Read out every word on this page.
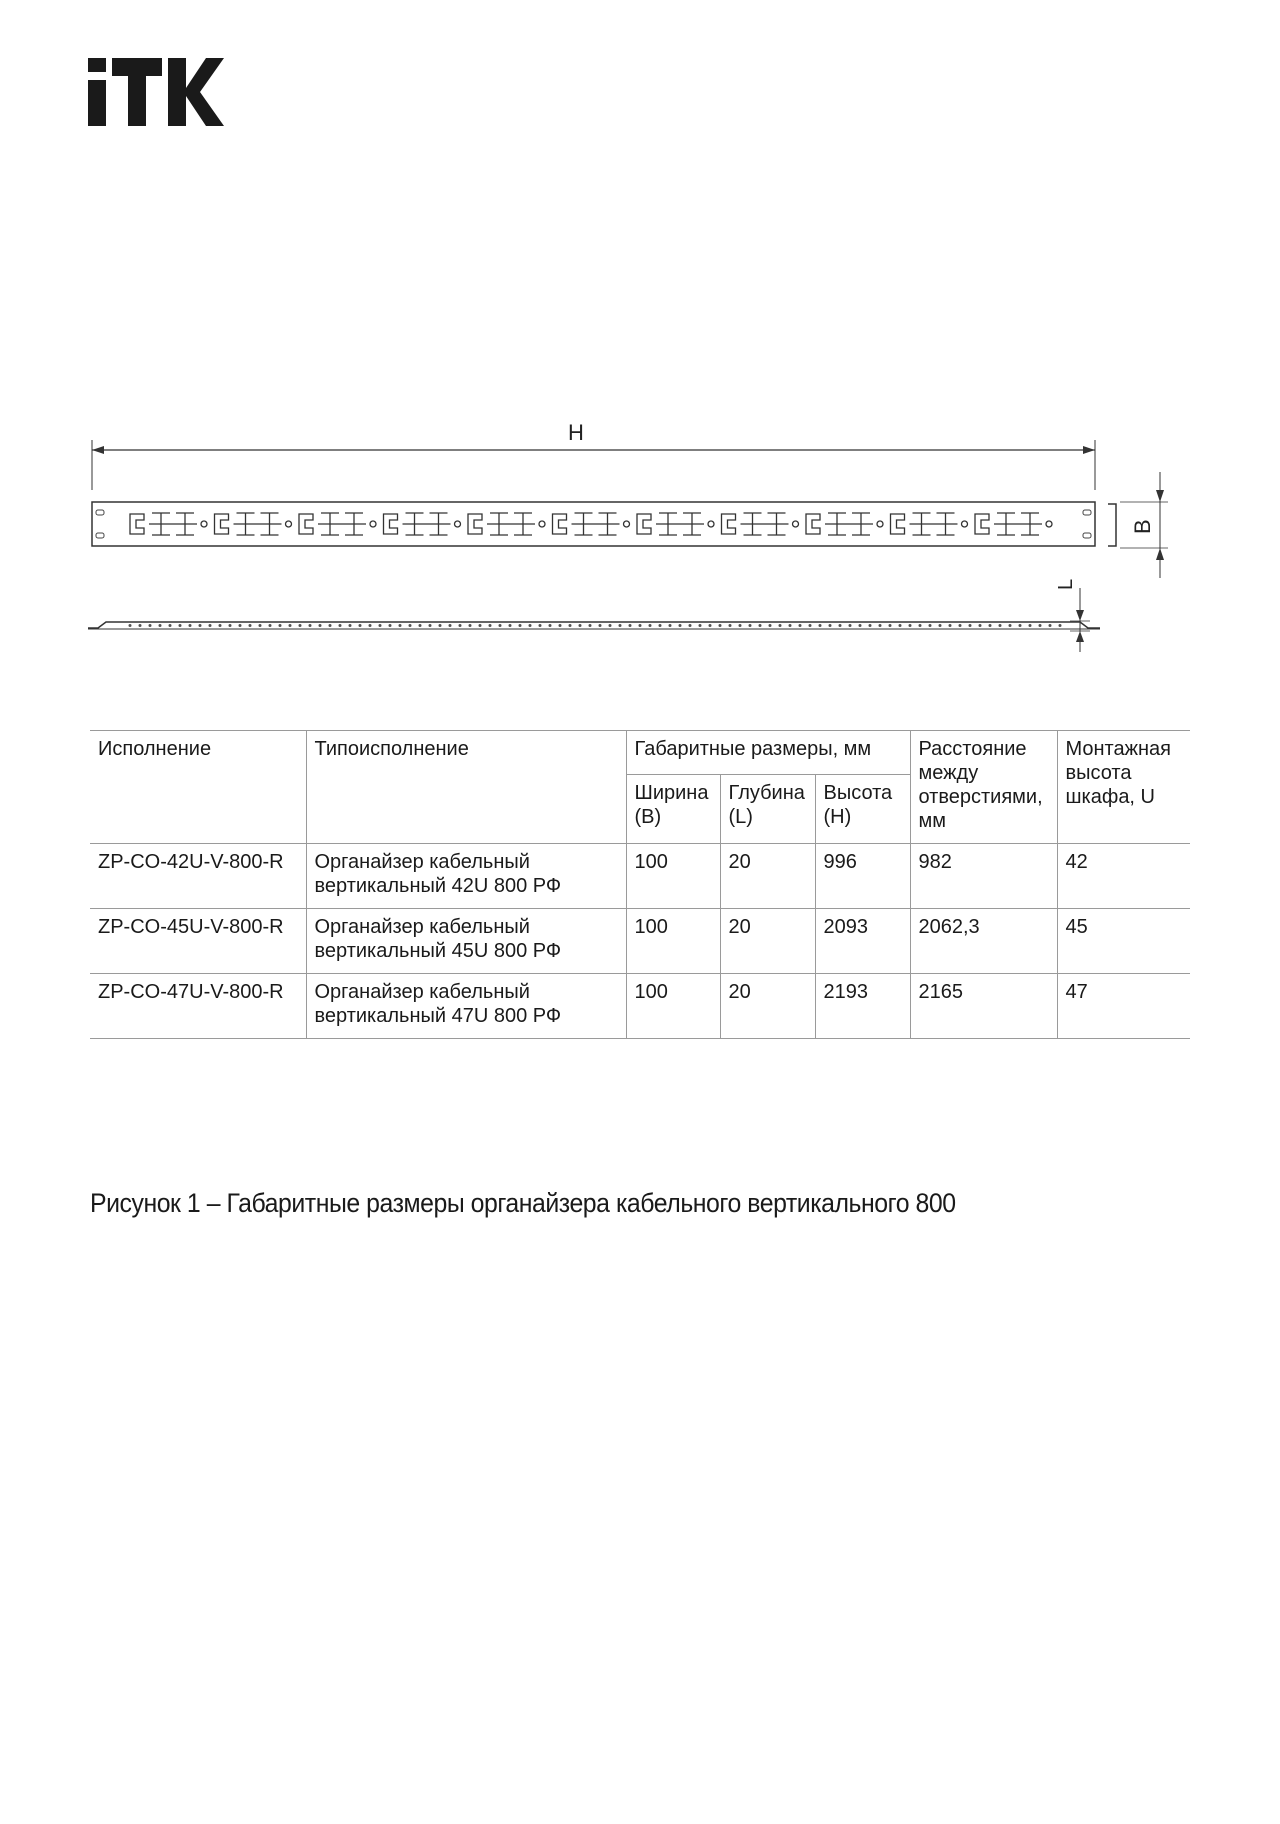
H
B
L
Исполнение	Типоисполнение	Габаритные размеры, мм			Расстояние между отверстиями, мм	Монтажная высота шкафа, U
		Ширина (В)	Глубина (L)	Высота (Н)		
ZP-CO-42U-V-800-R	Органайзер кабельный вертикальный 42U 800 РФ	100	20	996	982	42
ZP-CO-45U-V-800-R	Органайзер кабельный вертикальный 45U 800 РФ	100	20	2093	2062,3	45
ZP-CO-47U-V-800-R	Органайзер кабельный вертикальный 47U 800 РФ	100	20	2193	2165	47
Рисунок 1 – Габаритные размеры органайзера кабельного вертикального 800
